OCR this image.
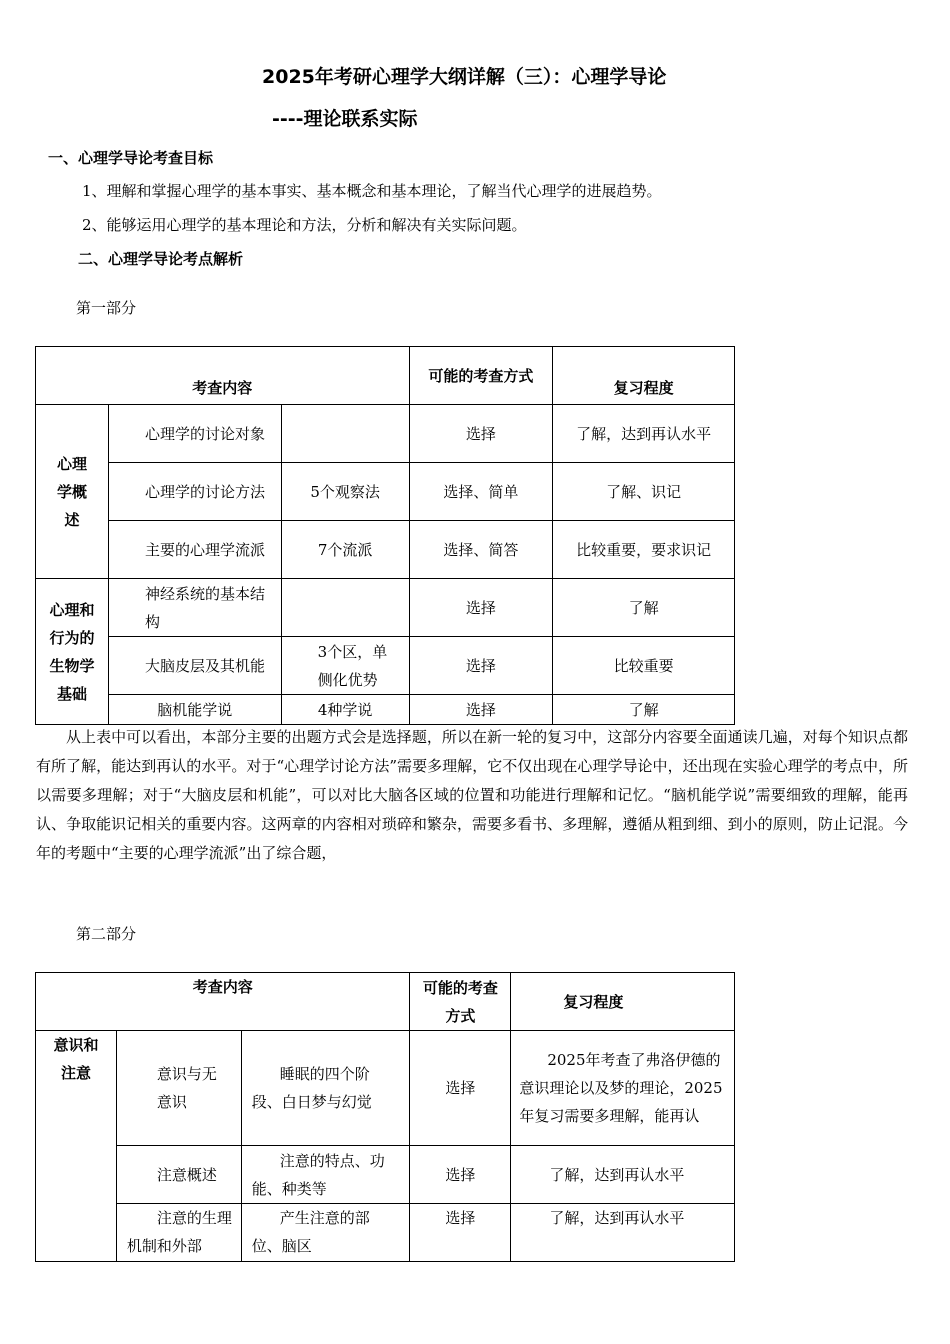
2025年考研心理学大纲详解（三）：心理学导论
----理论联系实际
一、心理学导论考查目标
1、理解和掌握心理学的基本事实、基本概念和基本理论，了解当代心理学的进展趋势。
2、能够运用心理学的基本理论和方法，分析和解决有关实际问题。
二、心理学导论考点解析
第一部分
考查内容			可能的考查方式	复习程度
心理学概述	心理学的讨论对象		选择	了解，达到再认水平
	心理学的讨论方法	5个观察法	选择、简单	了解、识记
	主要的心理学流派	7个流派	选择、简答	比较重要，要求识记
心理和行为的生物学基础	神经系统的基本结构		选择	了解
	大脑皮层及其机能	3个区，单侧化优势	选择	比较重要
	脑机能学说	4种学说	选择	了解

从上表中可以看出，本部分主要的出题方式会是选择题，所以在新一轮的复习中，这部分内容要全面通读几遍，对每个知识点都有所了解，能达到再认的水平。对于“心理学讨论方法”需要多理解，它不仅出现在心理学导论中，还出现在实验心理学的考点中，所以需要多理解；对于“大脑皮层和机能”，可以对比大脑各区域的位置和功能进行理解和记忆。“脑机能学说”需要细致的理解，能再认、争取能识记相关的重要内容。这两章的内容相对琐碎和繁杂，需要多看书、多理解，遵循从粗到细、到小的原则，防止记混。今年的考题中“主要的心理学流派”出了综合题，

第二部分
考查内容			可能的考查方式	复习程度
意识和注意	意识与无意识	睡眠的四个阶段、白日梦与幻觉	选择	2025年考查了弗洛伊德的意识理论以及梦的理论，2025年复习需要多理解，能再认
	注意概述	注意的特点、功能、种类等	选择	了解，达到再认水平
	注意的生理机制和外部	产生注意的部位、脑区	选择	了解，达到再认水平
